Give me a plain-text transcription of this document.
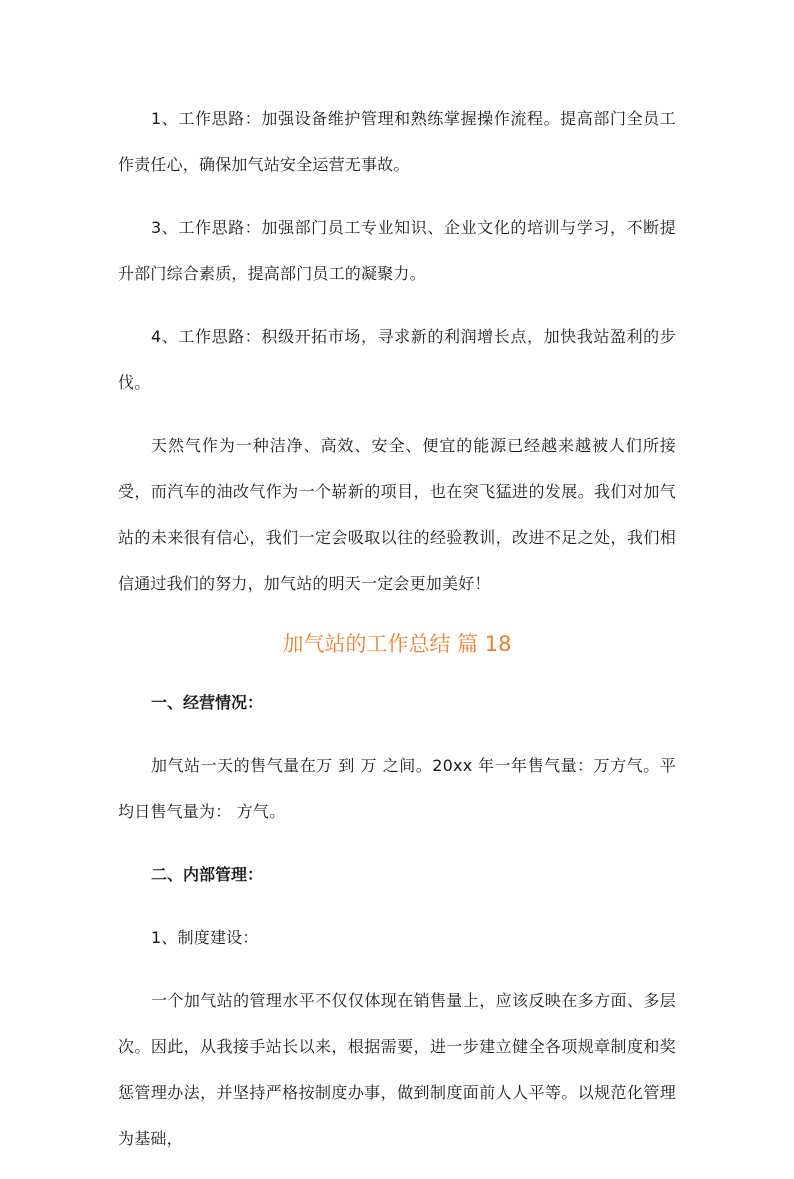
1、工作思路：加强设备维护管理和熟练掌握操作流程。提高部门全员工作责任心，确保加气站安全运营无事故。

3、工作思路：加强部门员工专业知识、企业文化的培训与学习，不断提升部门综合素质，提高部门员工的凝聚力。

4、工作思路：积级开拓市场，寻求新的利润增长点，加快我站盈利的步伐。

天然气作为一种洁净、高效、安全、便宜的能源已经越来越被人们所接受，而汽车的油改气作为一个崭新的项目，也在突飞猛进的发展。我们对加气站的未来很有信心，我们一定会吸取以往的经验教训，改进不足之处，我们相信通过我们的努力，加气站的明天一定会更加美好！

加气站的工作总结 篇 18

一、经营情况：

加气站一天的售气量在万 到 万 之间。20xx 年一年售气量：万方气。平均日售气量为： 方气。

二、内部管理：

1、制度建设：

一个加气站的管理水平不仅仅体现在销售量上，应该反映在多方面、多层次。因此，从我接手站长以来，根据需要，进一步建立健全各项规章制度和奖惩管理办法，并坚持严格按制度办事，做到制度面前人人平等。以规范化管理为基础，
